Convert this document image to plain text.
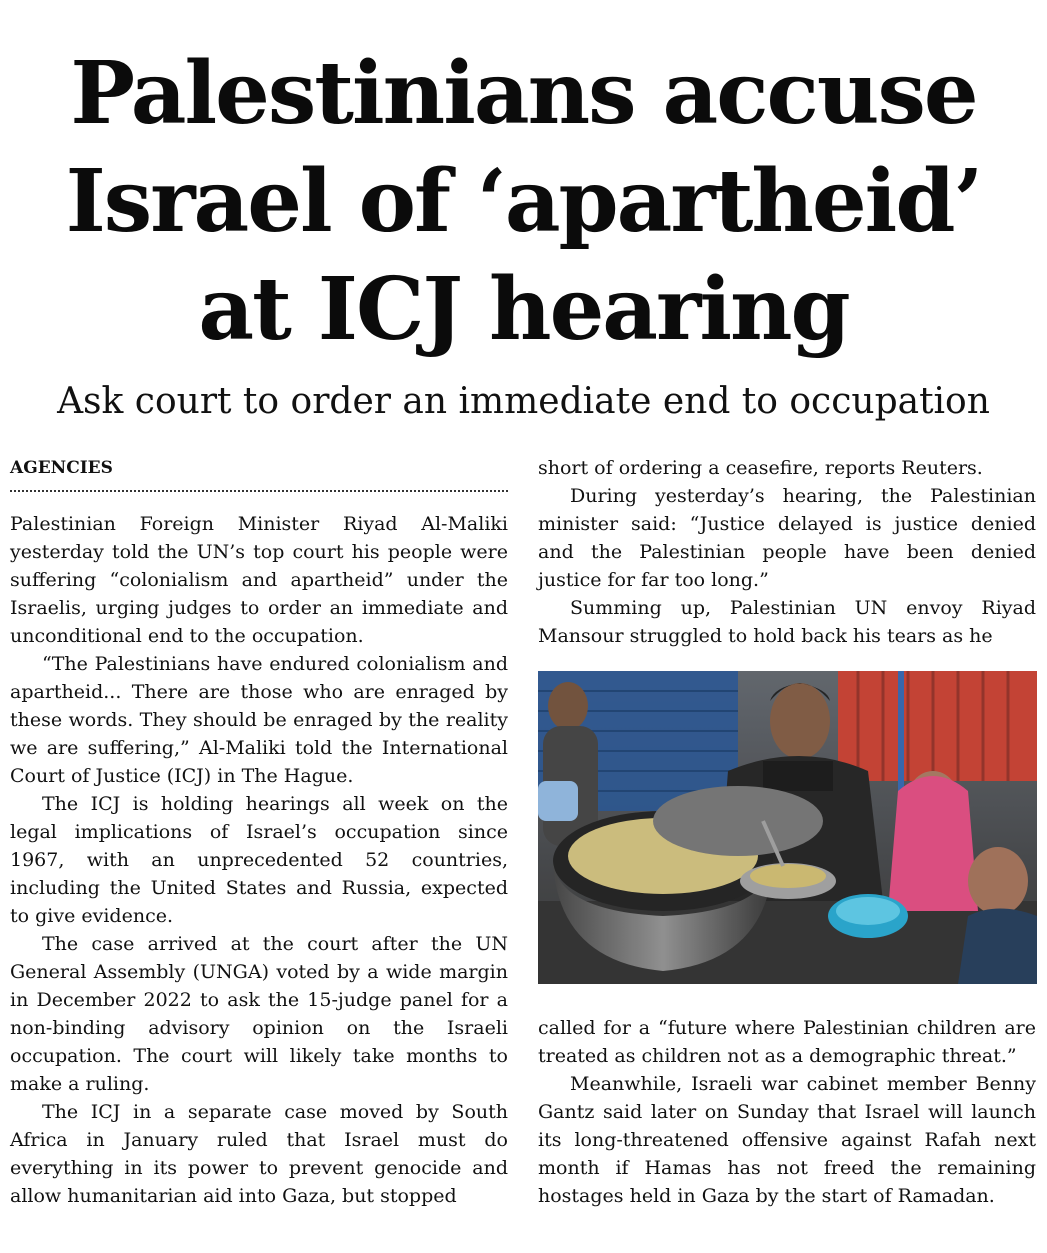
Palestinians accuse
Israel of ‘apartheid’
at ICJ hearing
Ask court to order an immediate end to occupation
AGENCIES

Palestinian Foreign Minister Riyad Al-Maliki yesterday told the UN’s top court his people were suffering “colonialism and apartheid” under the Israelis, urging judges to order an immediate and unconditional end to the occupation.

“The Palestinians have endured colonialism and apartheid... There are those who are enraged by these words. They should be enraged by the reality we are suffering,” Al-Maliki told the International Court of Justice (ICJ) in The Hague.

The ICJ is holding hearings all week on the legal implications of Israel’s occupation since 1967, with an unprecedented 52 countries, including the United States and Russia, expected to give evidence.

The case arrived at the court after the UN General Assembly (UNGA) voted by a wide margin in December 2022 to ask the 15-judge panel for a non-binding advisory opinion on the Israeli occupation. The court will likely take months to make a ruling.

The ICJ in a separate case moved by South Africa in January ruled that Israel must do everything in its power to prevent genocide and allow humanitarian aid into Gaza, but stopped

short of ordering a ceasefire, reports Reuters.

During yesterday’s hearing, the Palestinian minister said: “Justice delayed is justice denied and the Palestinian people have been denied justice for far too long.”

Summing up, Palestinian UN envoy Riyad Mansour struggled to hold back his tears as he

called for a “future where Palestinian children are treated as children not as a demographic threat.”

Meanwhile, Israeli war cabinet member Benny Gantz said later on Sunday that Israel will launch its long-threatened offensive against Rafah next month if Hamas has not freed the remaining hostages held in Gaza by the start of Ramadan.
